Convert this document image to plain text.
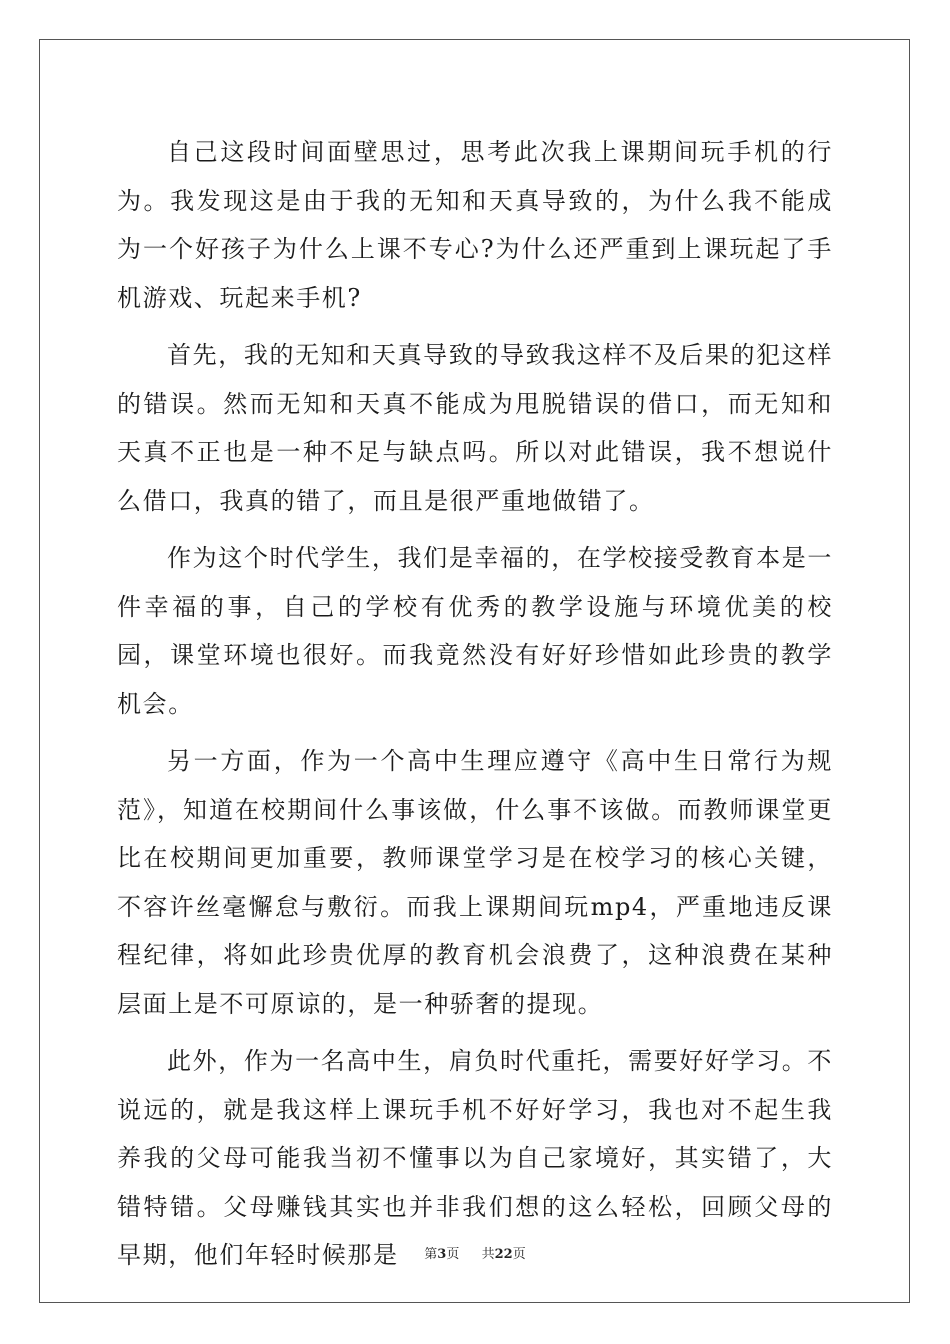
自己这段时间面壁思过，思考此次我上课期间玩手机的行为。我发现这是由于我的无知和天真导致的，为什么我不能成为一个好孩子为什么上课不专心?为什么还严重到上课玩起了手机游戏、玩起来手机?

首先，我的无知和天真导致的导致我这样不及后果的犯这样的错误。然而无知和天真不能成为甩脱错误的借口，而无知和天真不正也是一种不足与缺点吗。所以对此错误，我不想说什么借口，我真的错了，而且是很严重地做错了。

作为这个时代学生，我们是幸福的，在学校接受教育本是一件幸福的事，自己的学校有优秀的教学设施与环境优美的校园，课堂环境也很好。而我竟然没有好好珍惜如此珍贵的教学机会。

另一方面，作为一个高中生理应遵守《高中生日常行为规范》，知道在校期间什么事该做，什么事不该做。而教师课堂更比在校期间更加重要，教师课堂学习是在校学习的核心关键，不容许丝毫懈怠与敷衍。而我上课期间玩mp4，严重地违反课程纪律，将如此珍贵优厚的教育机会浪费了，这种浪费在某种层面上是不可原谅的，是一种骄奢的提现。

此外，作为一名高中生，肩负时代重托，需要好好学习。不说远的，就是我这样上课玩手机不好好学习，我也对不起生我养我的父母可能我当初不懂事以为自己家境好，其实错了，大错特错。父母赚钱其实也并非我们想的这么轻松，回顾父母的早期，他们年轻时候那是	第3页 共22页
